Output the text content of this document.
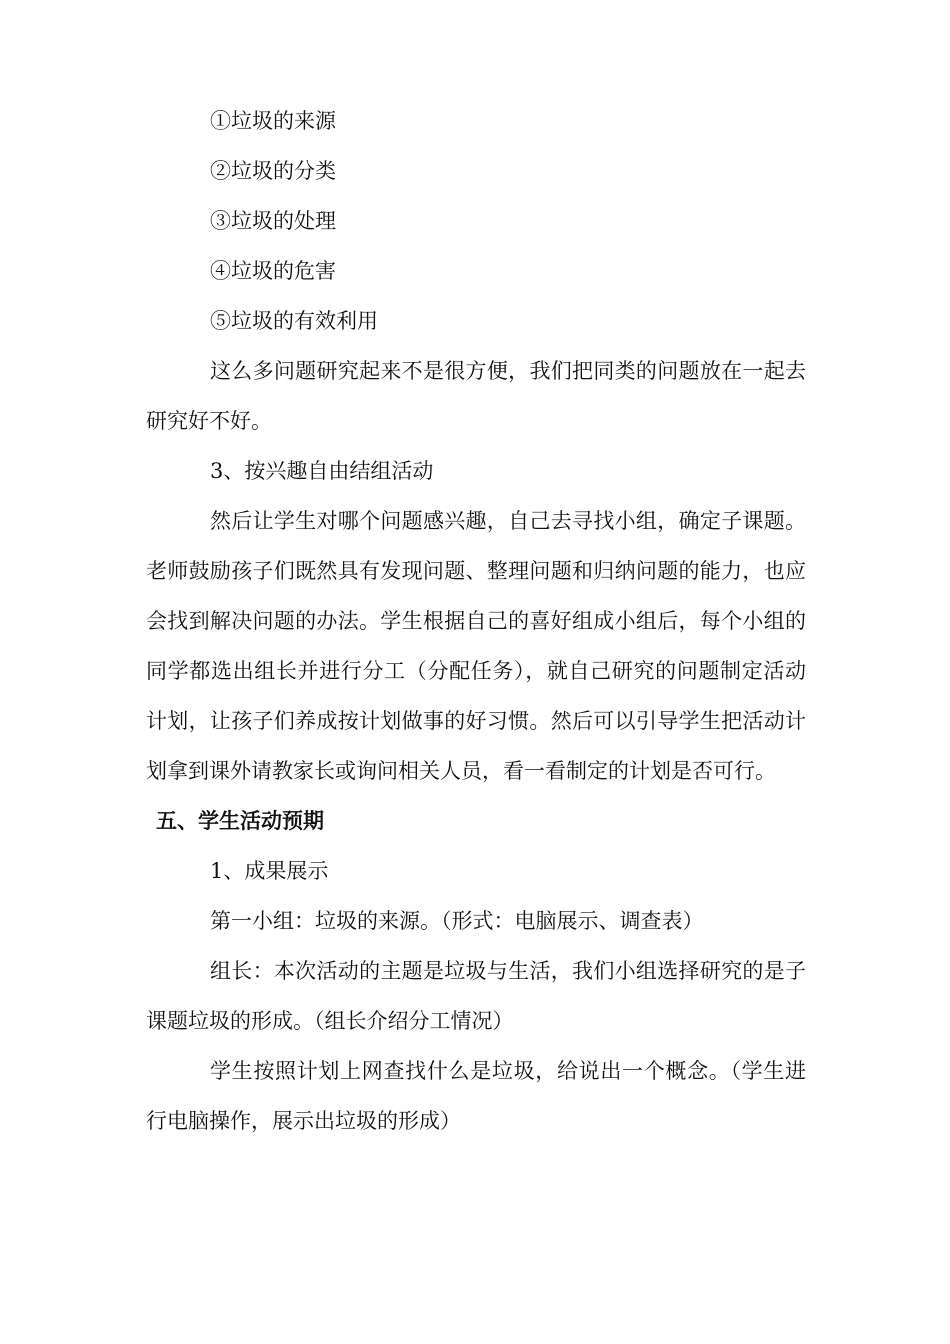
①垃圾的来源

②垃圾的分类

③垃圾的处理

④垃圾的危害

⑤垃圾的有效利用

这么多问题研究起来不是很方便，我们把同类的问题放在一起去研究好不好。

3、按兴趣自由结组活动

然后让学生对哪个问题感兴趣，自己去寻找小组，确定子课题。老师鼓励孩子们既然具有发现问题、整理问题和归纳问题的能力，也应会找到解决问题的办法。学生根据自己的喜好组成小组后，每个小组的同学都选出组长并进行分工（分配任务），就自己研究的问题制定活动计划，让孩子们养成按计划做事的好习惯。然后可以引导学生把活动计划拿到课外请教家长或询问相关人员，看一看制定的计划是否可行。

五、学生活动预期

1、成果展示

第一小组：垃圾的来源。（形式：电脑展示、调查表）

组长：本次活动的主题是垃圾与生活，我们小组选择研究的是子课题垃圾的形成。（组长介绍分工情况）

学生按照计划上网查找什么是垃圾，给说出一个概念。（学生进行电脑操作，展示出垃圾的形成）
